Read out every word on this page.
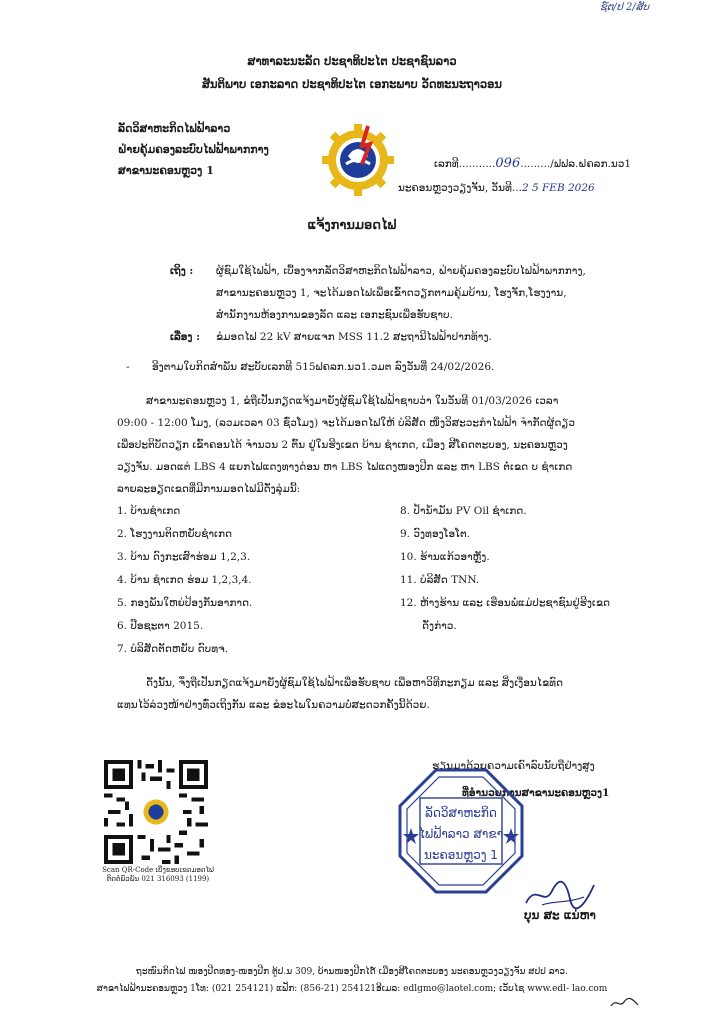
ຊ໌ຕ/ປ 2/ສັບ
ສາທາລະນະລັດ ປະຊາທິປະໄຕ ປະຊາຊົນລາວ
ສັນຕິພາບ ເອກະລາດ ປະຊາທິປະໄຕ ເອກະພາບ ວັດທະນະຖາວອນ
ລັດວິສາຫະກິດໄຟຟ້າລາວ
ຝ່າຍຄຸ້ມຄອງລະບົບໄຟຟ້າພາກກາງ
ສາຂານະຄອນຫຼວງ 1	ເລກທີ...........096........./ຟຟລ.ຝຄລກ.ນວ1
ນະຄອນຫຼວງວຽງຈັນ, ວັນທີ...2 5 FEB 2026
ແຈ້ງການມອດໄຟ
ເຖິງ : ຜູ້ຊົມໃຊ້ໄຟຟ້າ, ເບື້ອງຈາກລັດວິສາຫະກິດໄຟຟ້າລາວ, ຝ່າຍຄຸ້ມຄອງລະບົບໄຟຟ້າພາກກາງ,
ສາຂານະຄອນຫຼວງ 1, ຈະໄດ້ມອດໄຟເພື່ອເຂົ້າດວຽກຕາມຄຸ້ມບ້ານ, ໂຮງຈັກ,ໂຮງງານ,
ສໍານັກງານຫ້ອງການຂອງລັດ ແລະ ເອກະຊົນເພື່ອຮັບຊາບ.
ເລື່ອງ : ຂໍມອດໄຟ 22 kV ສາຍແຈກ MSS 11.2 ສະຖານີໄຟຟ້າປາກທ້າງ.
- ອີງຕາມໃບກິດສໍາພັນ ສະບັບເລກທີ 515ຟຄລກ.ນວ1.ວມຕ ລົງວັນທີ່ 24/02/2026.
ສາຂານະຄອນຫຼວງ 1, ຂໍຖືເປັນກຽດແຈ້ງມາຍັງຜູ້ຊົມໃຊ້ໄຟຟ້າຊາບວ່າ ໃນວັນທີ 01/03/2026 ເວລາ
09:00 - 12:00 ໂມງ, (ລວມເວລາ 03 ຊົ່ວໂມງ) ຈະໄດ້ມອດໄຟໃຫ້ ບໍລິສັດ ໜຶ່ງວິສະວະກໍາໄຟຟ້າ ຈໍາກັດຜູ້ດຽວ
ເພື່ອປະຕິບັດວຽກ ເຂົ້າຄອນໄດ້ ຈໍານວນ 2 ຕົ້ນ ຢູ່ໃນຮີງເຂດ ບ້ານ ຊໍາເກດ, ເມືອງ ສີໂຄດຕະບອງ, ນະຄອນຫຼວງ
ວຽງຈັນ. ມອດແຕ່ LBS 4 ແຍກໄຟແດງທາງດ່ອນ ຫາ LBS ໄຟແດງໜອງປີກ ແລະ ຫາ LBS ຕໍ່ເຂດ ບ ຊໍາເກດ
ລາຍລະອຽດເຂດທີ່ມີການມອດໄຟມີດັ່ງລຸ່ມນີ້:
1. ບ້ານຊໍາເກດ
2. ໂຮງງານຕິດຫຍັບຊໍາເກດ
3. ບ້ານ ດົງກະເສົາຮ່ອມ 1,2,3.
4. ບ້ານ ຊໍາເກດ ຮ່ອມ 1,2,3,4.
5. ກອງພັນໃຫຍ່ປ້ອງກັນອາກາດ.
6. ປ໊ອຊະຕາ 2015.
7. ບໍລິສັດຕັດຫຍັບ ດົບທຈ.
8. ປໍ້ານໍ້າມັນ PV Oil ຊໍາເກດ.
9. ວົງທອງໂອໂຕ.
10. ຮ້ານແກ້ວອາຫຼັງ.
11. ບໍລິສັດ TNN.
12. ຫ້າງຮ້ານ ແລະ ເຮືອນພໍ່ແມ່ປະຊາຊົນຢູ່ຮີງເຂດ
ດັ່ງກ່າວ.
ດັ່ງນັ້ນ, ຈຶ່ງຖືເປັນກຽດແຈ້ງມາຍັງຜູ້ຊົມໃຊ້ໄຟຟ້າເພື່ອຮັບຊາບ ເພື່ອຫາວິທີກະກຽມ ແລະ ສິ່ງເງື່ອນໄຂທົດ
ແທນໄວ້ລ່ວງໜ້າຢ່າງທົ່ວເຖິງກັນ ແລະ ຂໍອະໄພໃນຄວາມບໍ່ສະດວກຄັ້ງນີ້ດ້ວຍ.
Scan QR-Code ເບິ່ງຂອບເຂດມອດໄຟ
ຕິດຕໍ່ພົວພັນ 021 316093 (1199)
ຮຽນມາດ້ວຍຄວາມເຄົາລົບນັບຖືຢ່າງສູງ
ທີ່ອໍານວຍການສາຂານະຄອນຫຼວງ1
ລັດວິສາຫະກິດ
ໄຟຟ້າລາວ ສາຂາ
ນະຄອນຫຼວງ 1
ບຸນ ສະ ແນ່ຫາ
ຖະໜົນກິດໄຟ ໜອງປີດທອງ-ໜອງປີກ ຕູ້ປ.ນ 309, ບ້ານໜອງປີກໄດ໌ ເມືອງສີໂຄດຕະບອງ ນະຄອນຫຼວງວຽງຈັນ ສປປ ລາວ.
ສາຂາໄຟຟ້ານະຄອນຫຼວງ 1ໂທ: (021 254121) ແຟັກ: (856-21) 254121ອີເມລ: edlgmo@laotel.com; ເວັບໄຊ www.edl- lao.com
